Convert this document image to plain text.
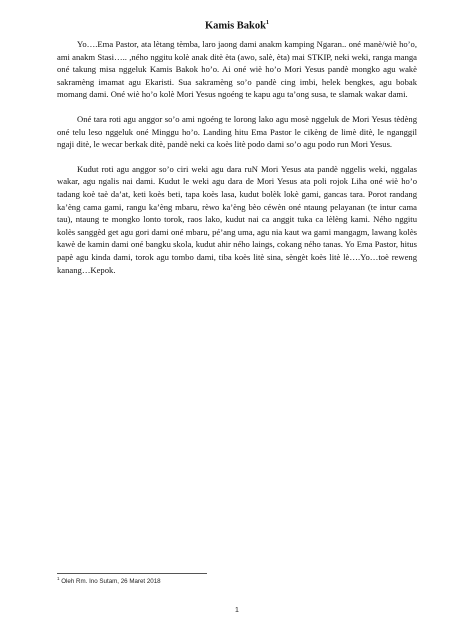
Kamis Bakok$^1$

Yo….Ema Pastor, ata lètang tèmba, laro jaong dami anakm kamping Ngaran.. oné manè/wiè ho’o, ami anakm Stasi….. ,ného nggitu kolè anak ditè èta (awo, salè, èta) mai STKIP, neki weki, ranga manga oné takung misa nggeluk Kamis Bakok ho’o. Ai oné wiè ho’o Mori Yesus pandè mongko agu wakè sakramèng imamat agu Ekaristi. Sua sakramèng so’o pandè cing imbi, helek bengkes, agu bobak momang dami. Oné wiè ho’o kolè Mori Yesus ngoéng te kapu agu ta’ong susa, te slamak wakar dami.

Oné tara roti agu anggor so’o ami ngoéng te lorong lako agu mosè nggeluk de Mori Yesus tèdèng oné telu leso nggeluk oné Minggu ho’o. Landing hitu Ema Pastor le cikèng de limè ditè, le nganggil ngaji ditè, le wecar berkak ditè, pandè neki ca koès litè podo dami so’o agu podo run Mori Yesus.

Kudut roti agu anggor so’o ciri weki agu dara ruN Mori Yesus ata pandè nggelis weki, nggalas wakar, agu ngalis nai dami. Kudut le weki agu dara de Mori Yesus ata poli rojok Liha oné wiè ho’o tadang koè taè da’at, keti koès beti, tapa koès lasa, kudut bolèk lokè gami, gancas tara. Porot randang ka’èng cama gami, rangu ka’èng mbaru, rèwo ka’èng bèo céwèn oné ntaung pelayanan (te intur cama tau), ntaung te mongko lonto torok, raos lako, kudut nai ca anggit tuka ca lèlèng kami. Ného nggitu kolès sanggèd get agu gori dami oné mbaru, pé’ang uma, agu nia kaut wa gami mangagm, lawang kolès kawè de kamin dami oné bangku skola, kudut ahir ného laings, cokang ného tanas. Yo Ema Pastor, hitus papè agu kinda dami, torok agu tombo dami, tiba koès litè sina, sèngèt koès litè lè….Yo…toè reweng kanang…Kepok.

$^1$ Oleh Rm. Ino Sutam, 26 Maret 2018
1
